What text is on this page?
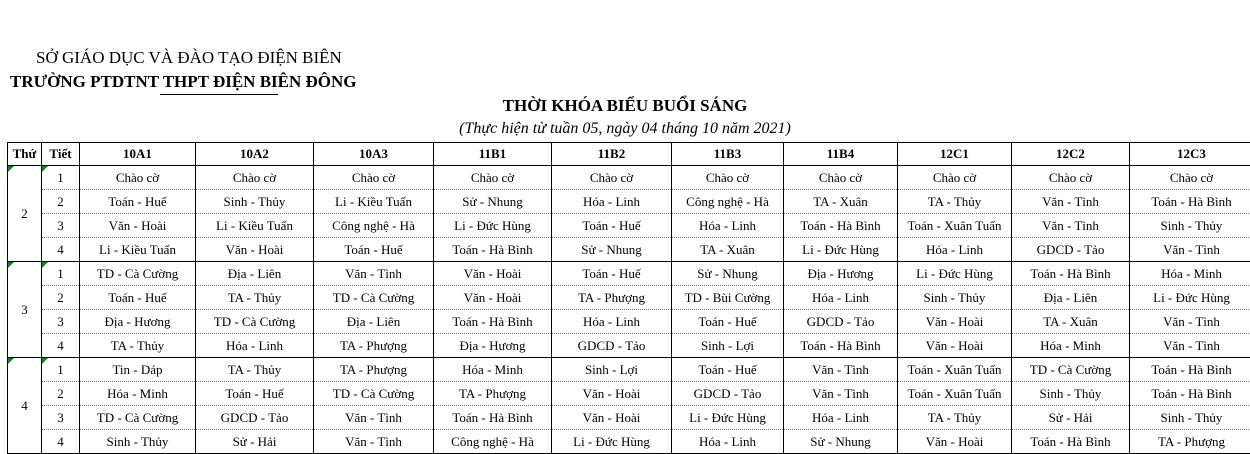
SỞ GIÁO DỤC VÀ ĐÀO TẠO ĐIỆN BIÊN
TRƯỜNG PTDTNT THPT ĐIỆN BIÊN ĐÔNG
THỜI KHÓA BIỂU BUỔI SÁNG
(Thực hiện từ tuần 05, ngày 04 tháng 10 năm 2021)
Thứ	Tiết	10A1	10A2	10A3	11B1	11B2	11B3	11B4	12C1	12C2	12C3

2	1	Chào cờ	Chào cờ	Chào cờ	Chào cờ	Chào cờ	Chào cờ	Chào cờ	Chào cờ	Chào cờ	Chào cờ
	2	Toán - Huế	Sinh - Thủy	Li - Kiều Tuấn	Sử - Nhung	Hóa - Linh	Công nghệ - Hà	TA - Xuân	TA - Thủy	Văn - Tình	Toán - Hà Bình
	3	Văn - Hoài	Li - Kiều Tuấn	Công nghệ - Hà	Li - Đức Hùng	Toán - Huế	Hóa - Linh	Toán - Hà Bình	Toán - Xuân Tuấn	Văn - Tình	Sinh - Thủy
	4	Li - Kiều Tuấn	Văn - Hoài	Toán - Huế	Toán - Hà Bình	Sử - Nhung	TA - Xuân	Li - Đức Hùng	Hóa - Linh	GDCD - Tảo	Văn - Tình

3	1	TD - Cà Cường	Địa - Liên	Văn - Tình	Văn - Hoài	Toán - Huế	Sử - Nhung	Địa - Hương	Li - Đức Hùng	Toán - Hà Bình	Hóa - Minh
	2	Toán - Huế	TA - Thủy	TD - Cà Cường	Văn - Hoài	TA - Phượng	TD - Bùi Cường	Hóa - Linh	Sinh - Thủy	Địa - Liên	Li - Đức Hùng
	3	Địa - Hương	TD - Cà Cường	Địa - Liên	Toán - Hà Bình	Hóa - Linh	Toán - Huế	GDCD - Tảo	Văn - Hoài	TA - Xuân	Văn - Tình
	4	TA - Thủy	Hóa - Linh	TA - Phượng	Địa - Hương	GDCD - Tảo	Sinh - Lợi	Toán - Hà Bình	Văn - Hoài	Hóa - Minh	Văn - Tình

4	1	Tin - Dáp	TA - Thủy	TA - Phượng	Hóa - Minh	Sinh - Lợi	Toán - Huế	Văn - Tình	Toán - Xuân Tuấn	TD - Cà Cường	Toán - Hà Bình
	2	Hóa - Minh	Toán - Huế	TD - Cà Cường	TA - Phượng	Văn - Hoài	GDCD - Tảo	Văn - Tình	Toán - Xuân Tuấn	Sinh - Thủy	Toán - Hà Bình
	3	TD - Cà Cường	GDCD - Tảo	Văn - Tình	Toán - Hà Bình	Văn - Hoài	Li - Đức Hùng	Hóa - Linh	TA - Thủy	Sử - Hải	Sinh - Thủy
	4	Sinh - Thủy	Sử - Hải	Văn - Tình	Công nghệ - Hà	Li - Đức Hùng	Hóa - Linh	Sử - Nhung	Văn - Hoài	Toán - Hà Bình	TA - Phượng
